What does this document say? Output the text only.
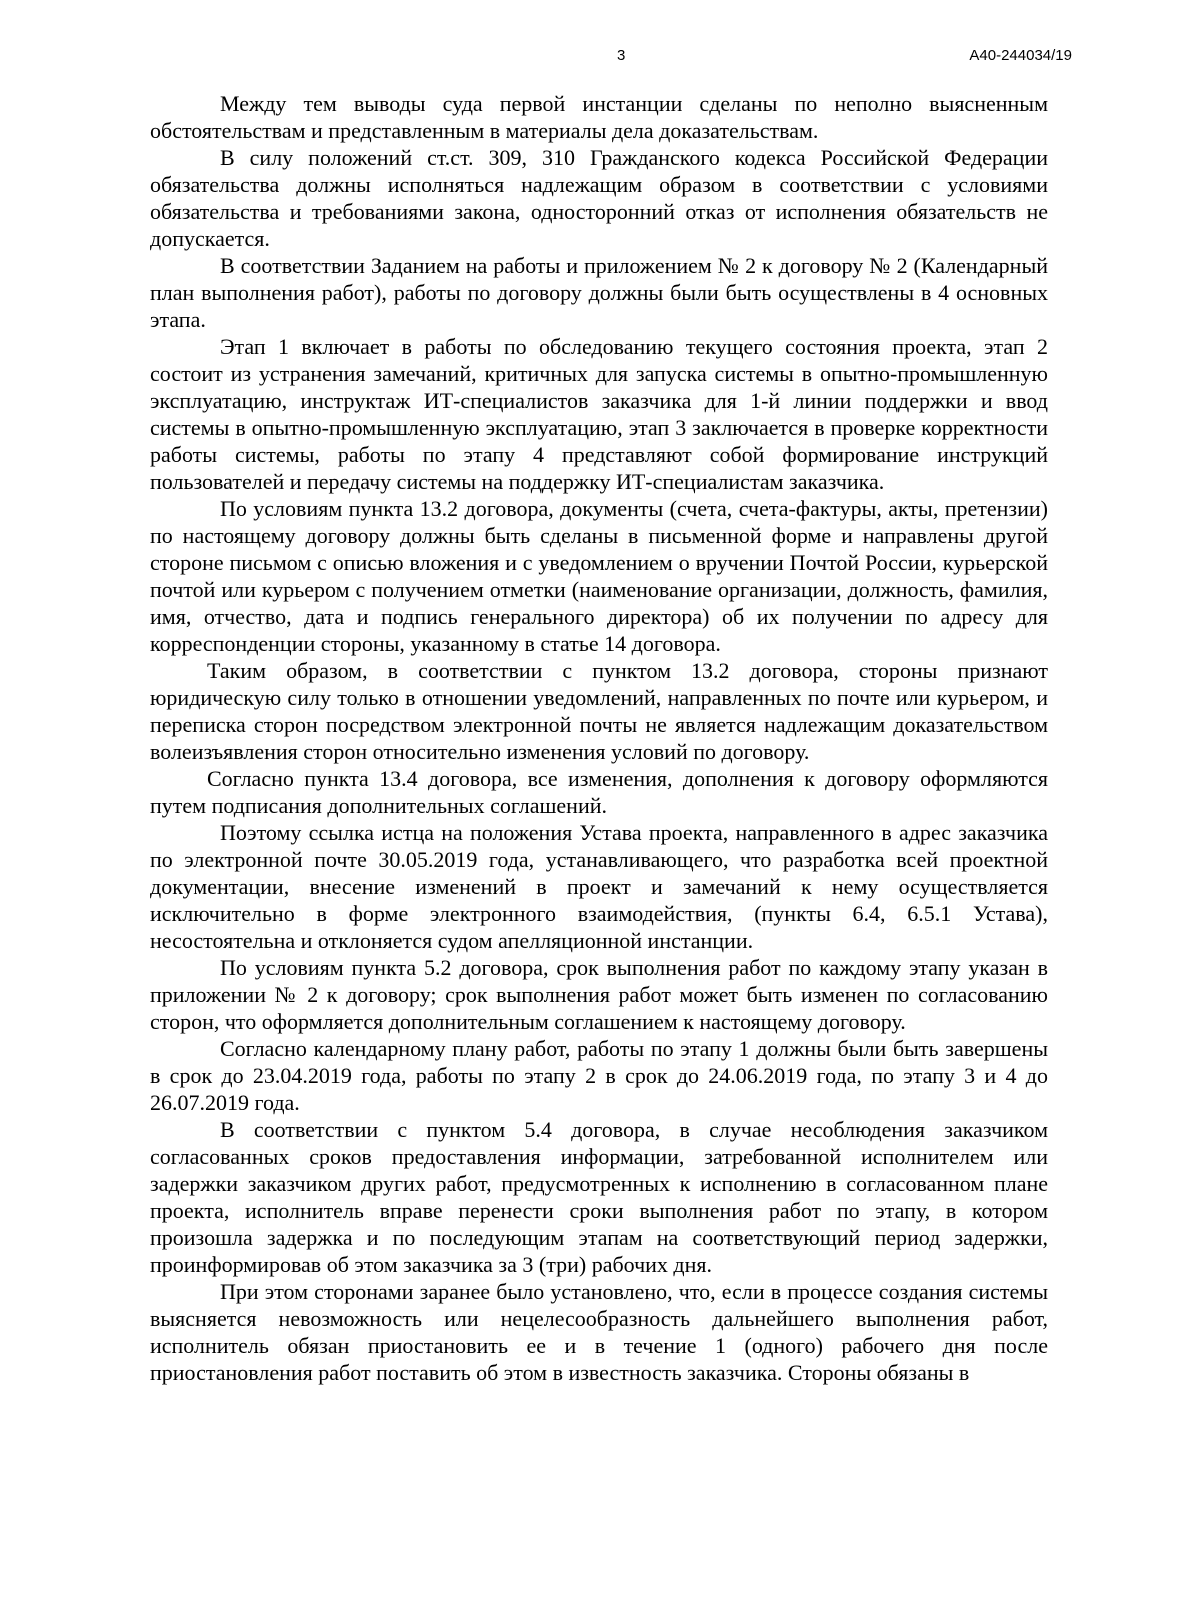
3	А40-244034/19

Между тем выводы суда первой инстанции сделаны по неполно выясненным обстоятельствам и представленным в материалы дела доказательствам.

В силу положений ст.ст. 309, 310 Гражданского кодекса Российской Федерации обязательства должны исполняться надлежащим образом в соответствии с условиями обязательства и требованиями закона, односторонний отказ от исполнения обязательств не допускается.

В соответствии Заданием на работы и приложением № 2 к договору № 2 (Календарный план выполнения работ), работы по договору должны были быть осуществлены в 4 основных этапа.

Этап 1 включает в работы по обследованию текущего состояния проекта, этап 2 состоит из устранения замечаний, критичных для запуска системы в опытно-промышленную эксплуатацию, инструктаж ИТ-специалистов заказчика для 1-й линии поддержки и ввод системы в опытно-промышленную эксплуатацию, этап 3 заключается в проверке корректности работы системы, работы по этапу 4 представляют собой формирование инструкций пользователей и передачу системы на поддержку ИТ-специалистам заказчика.

По условиям пункта 13.2 договора, документы (счета, счета-фактуры, акты, претензии) по настоящему договору должны быть сделаны в письменной форме и направлены другой стороне письмом с описью вложения и с уведомлением о вручении Почтой России, курьерской почтой или курьером с получением отметки (наименование организации, должность, фамилия, имя, отчество, дата и подпись генерального директора) об их получении по адресу для корреспонденции стороны, указанному в статье 14 договора.

Таким образом, в соответствии с пунктом 13.2 договора, стороны признают юридическую силу только в отношении уведомлений, направленных по почте или курьером, и переписка сторон посредством электронной почты не является надлежащим доказательством волеизъявления сторон относительно изменения условий по договору.

Согласно пункта 13.4 договора, все изменения, дополнения к договору оформляются путем подписания дополнительных соглашений.

Поэтому ссылка истца на положения Устава проекта, направленного в адрес заказчика по электронной почте 30.05.2019 года, устанавливающего, что разработка всей проектной документации, внесение изменений в проект и замечаний к нему осуществляется исключительно в форме электронного взаимодействия, (пункты 6.4, 6.5.1 Устава), несостоятельна и отклоняется судом апелляционной инстанции.

По условиям пункта 5.2 договора, срок выполнения работ по каждому этапу указан в приложении № 2 к договору; срок выполнения работ может быть изменен по согласованию сторон, что оформляется дополнительным соглашением к настоящему договору.

Согласно календарному плану работ, работы по этапу 1 должны были быть завершены в срок до 23.04.2019 года, работы по этапу 2 в срок до 24.06.2019 года, по этапу 3 и 4 до 26.07.2019 года.

В соответствии с пунктом 5.4 договора, в случае несоблюдения заказчиком согласованных сроков предоставления информации, затребованной исполнителем или задержки заказчиком других работ, предусмотренных к исполнению в согласованном плане проекта, исполнитель вправе перенести сроки выполнения работ по этапу, в котором произошла задержка и по последующим этапам на соответствующий период задержки, проинформировав об этом заказчика за 3 (три) рабочих дня.

При этом сторонами заранее было установлено, что, если в процессе создания системы выясняется невозможность или нецелесообразность дальнейшего выполнения работ, исполнитель обязан приостановить ее и в течение 1 (одного) рабочего дня после приостановления работ поставить об этом в известность заказчика. Стороны обязаны в
